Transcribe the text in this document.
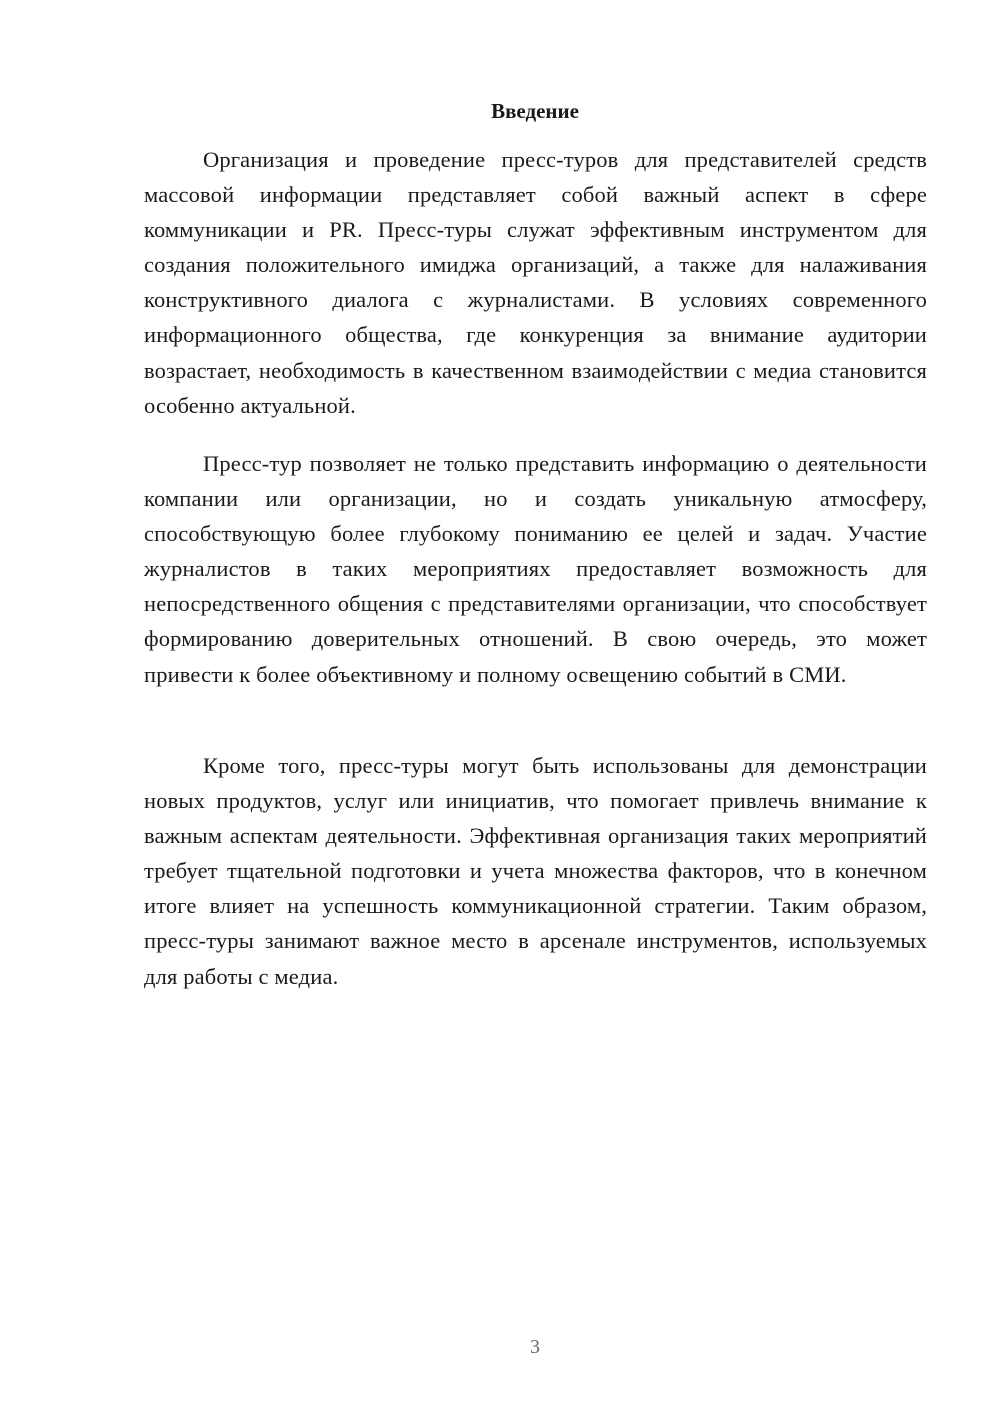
Введение

Организация и проведение пресс-туров для представителей средств массовой информации представляет собой важный аспект в сфере коммуникации и PR. Пресс-туры служат эффективным инструментом для создания положительного имиджа организаций, а также для налаживания конструктивного диалога с журналистами. В условиях современного информационного общества, где конкуренция за внимание аудитории возрастает, необходимость в качественном взаимодействии с медиа становится особенно актуальной.

Пресс-тур позволяет не только представить информацию о деятельности компании или организации, но и создать уникальную атмосферу, способствующую более глубокому пониманию ее целей и задач. Участие журналистов в таких мероприятиях предоставляет возможность для непосредственного общения с представителями организации, что способствует формированию доверительных отношений. В свою очередь, это может привести к более объективному и полному освещению событий в СМИ.

Кроме того, пресс-туры могут быть использованы для демонстрации новых продуктов, услуг или инициатив, что помогает привлечь внимание к важным аспектам деятельности. Эффективная организация таких мероприятий требует тщательной подготовки и учета множества факторов, что в конечном итоге влияет на успешность коммуникационной стратегии. Таким образом, пресс-туры занимают важное место в арсенале инструментов, используемых для работы с медиа.

3
